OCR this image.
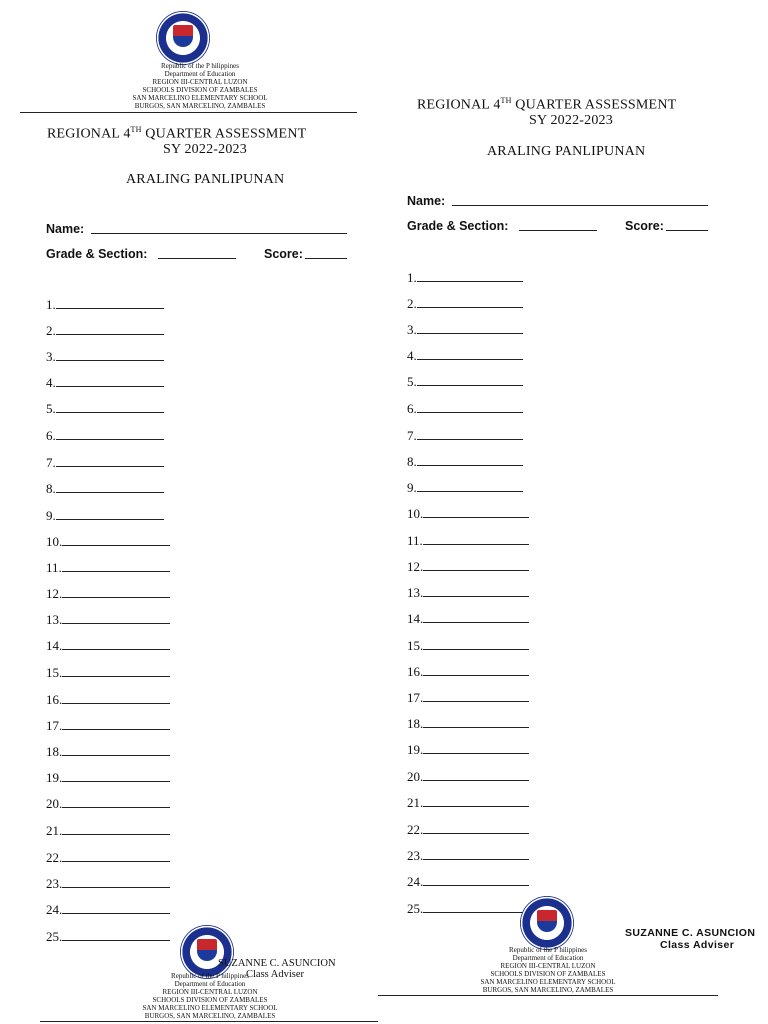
Republic of the P hilippines
Department of Education
REGION III-CENTRAL LUZON
SCHOOLS DIVISION OF ZAMBALES
SAN MARCELINO ELEMENTARY SCHOOL
BURGOS, SAN MARCELINO, ZAMBALES
REGIONAL 4TH QUARTER ASSESSMENT
SY 2022-2023
ARALING PANLIPUNAN
Name:
Grade & Section:	Score:
1.
2.
3.
4.
5.
6.
7.
8.
9.
10.
11.
12.
13.
14.
15.
16.
17.
18.
19.
20.
21.
22.
23.
24.
25.
SUZANNE C. ASUNCION
Class Adviser
Republic of the P hilippines
Department of Education
REGION III-CENTRAL LUZON
SCHOOLS DIVISION OF ZAMBALES
SAN MARCELINO ELEMENTARY SCHOOL
BURGOS, SAN MARCELINO, ZAMBALES
REGIONAL 4TH QUARTER ASSESSMENT
SY 2022-2023
ARALING PANLIPUNAN
Name:
Grade & Section:	Score:
1.
2.
3.
4.
5.
6.
7.
8.
9.
10.
11.
12.
13.
14.
15.
16.
17.
18.
19.
20.
21.
22.
23.
24.
25.
SUZANNE C. ASUNCION
Class Adviser
Republic of the P hilippines
Department of Education
REGION III-CENTRAL LUZON
SCHOOLS DIVISION OF ZAMBALES
SAN MARCELINO ELEMENTARY SCHOOL
BURGOS, SAN MARCELINO, ZAMBALES
